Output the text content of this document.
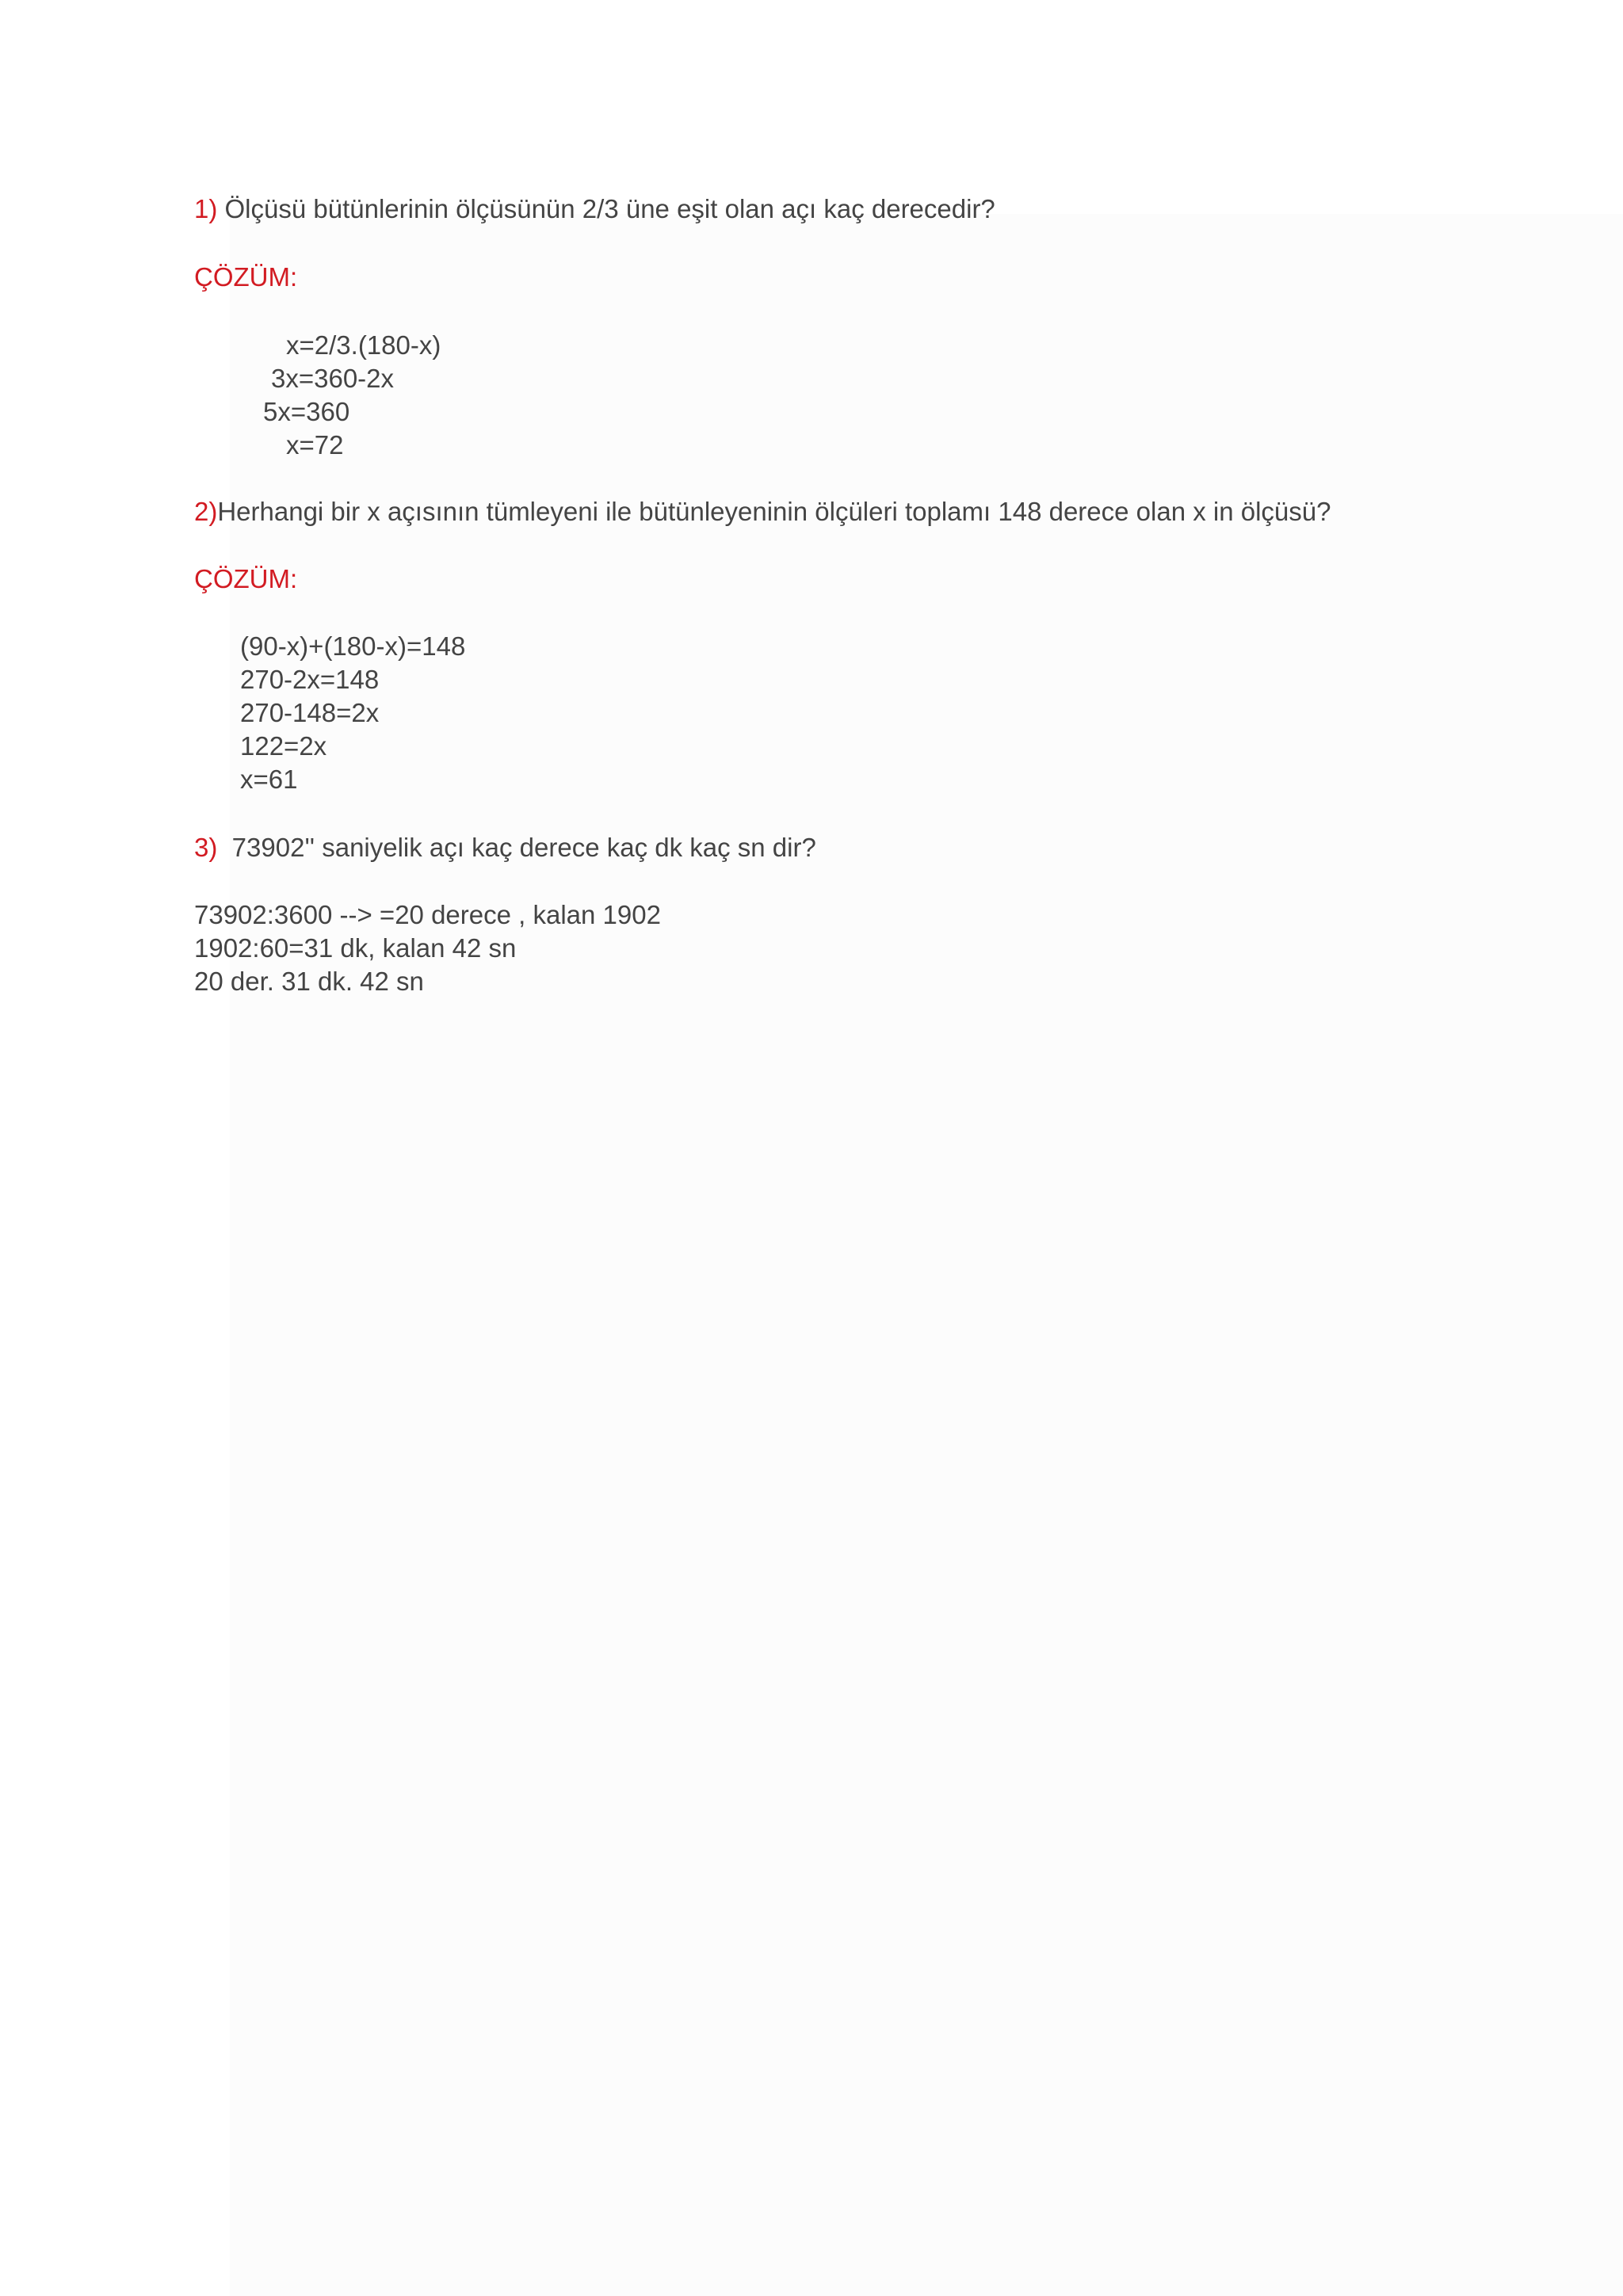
1) Ölçüsü bütünlerinin ölçüsünün 2/3 üne eşit olan açı kaç derecedir?
ÇÖZÜM:
x=2/3.(180-x)
3x=360-2x
5x=360
x=72
2)Herhangi bir x açısının tümleyeni ile bütünleyeninin ölçüleri toplamı 148 derece olan x in ölçüsü?
ÇÖZÜM:
(90-x)+(180-x)=148
270-2x=148
270-148=2x
122=2x
x=61
3)  73902'' saniyelik açı kaç derece kaç dk kaç sn dir?
73902:3600 --> =20 derece , kalan 1902
1902:60=31 dk, kalan 42 sn
20 der. 31 dk. 42 sn
